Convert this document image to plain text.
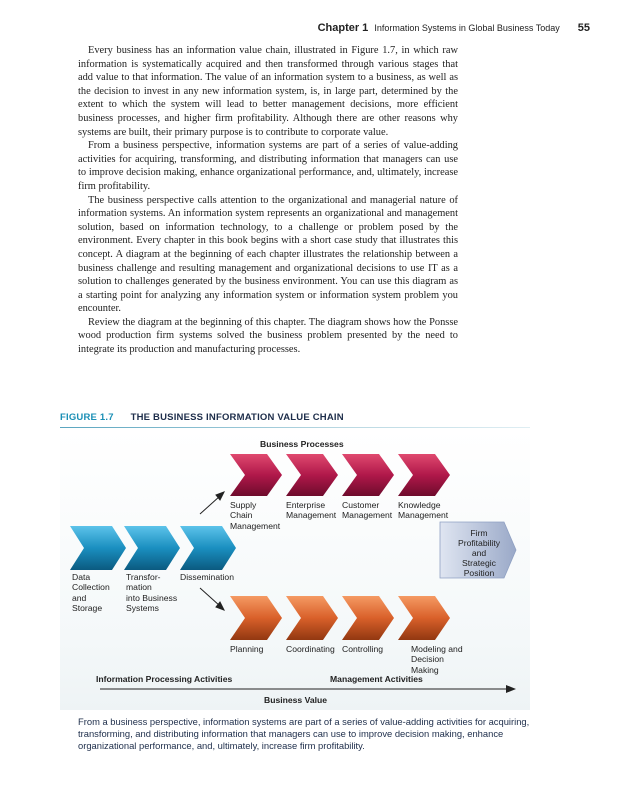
Chapter 1 Information Systems in Global Business Today 55

Every business has an information value chain, illustrated in Figure 1.7, in which raw information is systematically acquired and then transformed through various stages that add value to that information. The value of an information system to a business, as well as the decision to invest in any new information system, is, in large part, determined by the extent to which the system will lead to better management decisions, more efficient business processes, and higher firm profitability. Although there are other reasons why systems are built, their primary purpose is to contribute to corporate value.

From a business perspective, information systems are part of a series of value-adding activities for acquiring, transforming, and distributing information that managers can use to improve decision making, enhance organizational performance, and, ultimately, increase firm profitability.

The business perspective calls attention to the organizational and managerial nature of information systems. An information system represents an organizational and management solution, based on information technology, to a challenge or problem posed by the environment. Every chapter in this book begins with a short case study that illustrates this concept. A diagram at the beginning of each chapter illustrates the relationship between a business challenge and resulting management and organizational decisions to use IT as a solution to challenges generated by the business environment. You can use this diagram as a starting point for analyzing any information system or information system problem you encounter.

Review the diagram at the beginning of this chapter. The diagram shows how the Ponsse wood production firm systems solved the business problem presented by the need to integrate its production and manufacturing processes.

FIGURE 1.7 THE BUSINESS INFORMATION VALUE CHAIN
Business Processes
Supply
Chain
Management
Enterprise
Management
Customer
Management
Knowledge
Management
Firm
Profitability
and
Strategic
Position
Data
Collection
and
Storage
Transfor-
mation
into Business
Systems
Dissemination
Planning	Coordinating Controlling	Modeling and
Decision
Making
Information Processing Activities	Management Activities
Business Value
From a business perspective, information systems are part of a series of value-adding activities for acquiring, transforming, and distributing information that managers can use to improve decision making, enhance organizational performance, and, ultimately, increase firm profitability.
